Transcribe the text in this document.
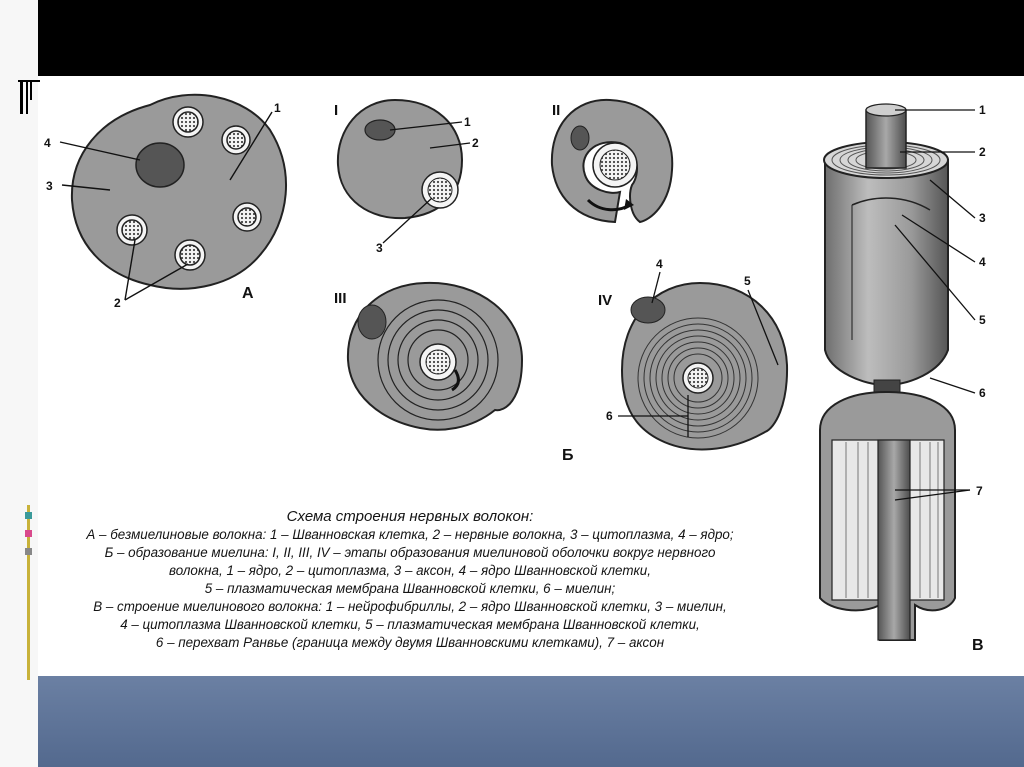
4
3
1
2
А
I
1
2
3
II
III
4
5
6
IV
Б
1
2
3
4
5
6
7
В
Схема строения нервных волокон:
А – безмиелиновые волокна: 1 – Шванновская клетка, 2 – нервные волокна, 3 – цитоплазма, 4 – ядро;
Б – образование миелина: I, II, III, IV – этапы образования миелиновой оболочки вокруг нервного
волокна, 1 – ядро, 2 – цитоплазма, 3 – аксон, 4 – ядро Шванновской клетки,
5 – плазматическая мембрана Шванновской клетки, 6 – миелин;
В – строение миелинового волокна: 1 – нейрофибриллы, 2 – ядро Шванновской клетки, 3 – миелин,
4 – цитоплазма Шванновской клетки, 5 – плазматическая мембрана Шванновской клетки,
6 – перехват Ранвье (граница между двумя Шванновскими клетками), 7 – аксон
